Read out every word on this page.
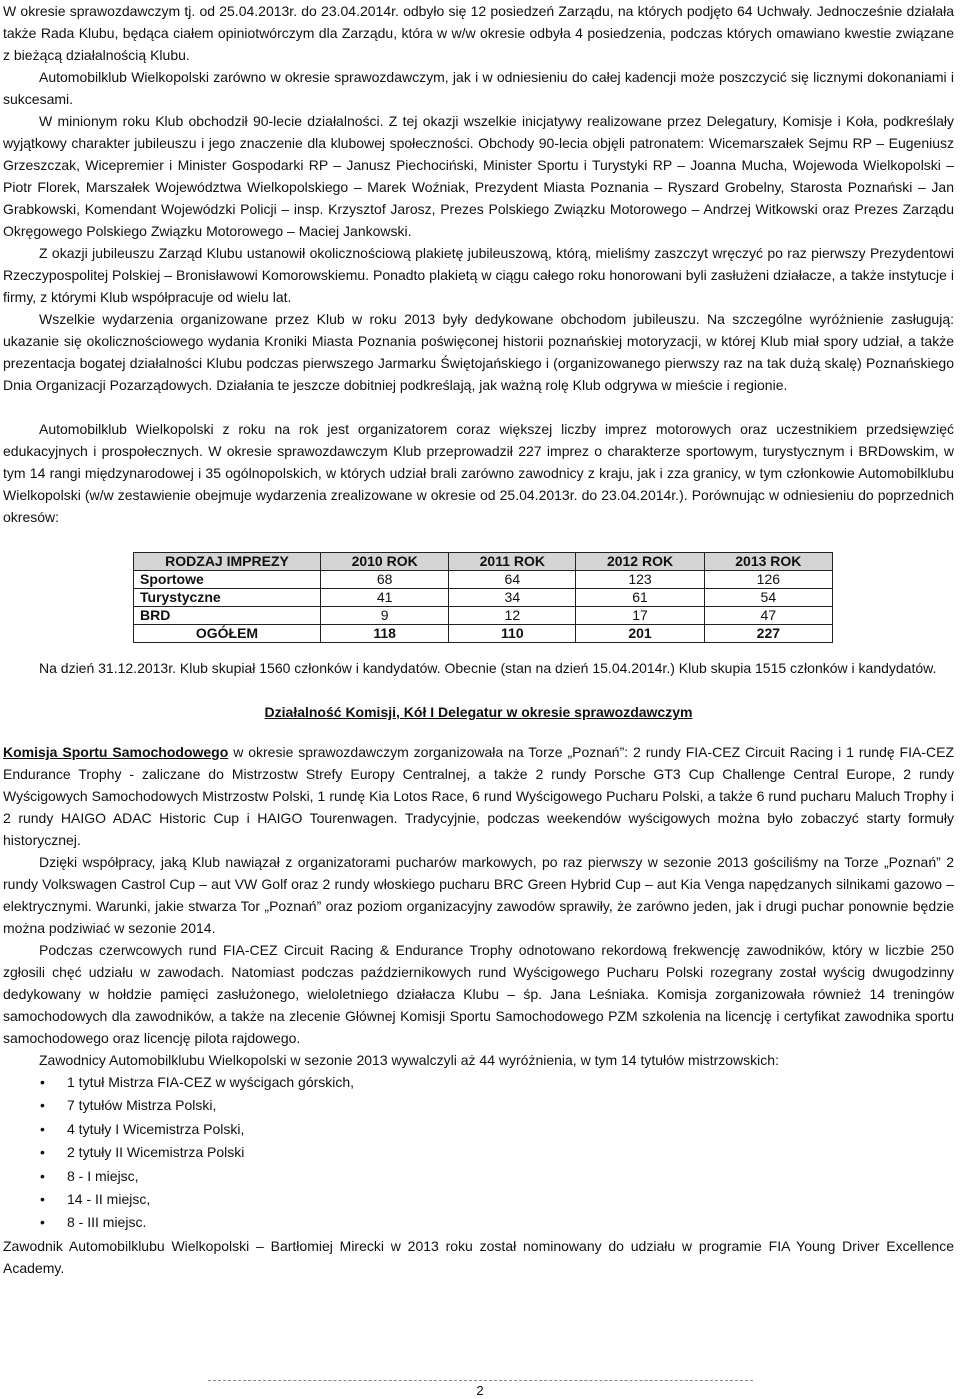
W okresie sprawozdawczym tj. od 25.04.2013r. do 23.04.2014r. odbyło się 12 posiedzeń Zarządu, na których podjęto 64 Uchwały. Jednocześnie działała także Rada Klubu, będąca ciałem opiniotwórczym dla Zarządu, która w w/w okresie odbyła 4 posiedzenia, podczas których omawiano kwestie związane z bieżącą działalnością Klubu.

Automobilklub Wielkopolski zarówno w okresie sprawozdawczym, jak i w odniesieniu do całej kadencji może poszczycić się licznymi dokonaniami i sukcesami.

W minionym roku Klub obchodził 90-lecie działalności. Z tej okazji wszelkie inicjatywy realizowane przez Delegatury, Komisje i Koła, podkreślały wyjątkowy charakter jubileuszu i jego znaczenie dla klubowej społeczności. Obchody 90-lecia objęli patronatem: Wicemarszałek Sejmu RP – Eugeniusz Grzeszczak, Wicepremier i Minister Gospodarki RP – Janusz Piechociński, Minister Sportu i Turystyki RP – Joanna Mucha, Wojewoda Wielkopolski – Piotr Florek, Marszałek Województwa Wielkopolskiego – Marek Woźniak, Prezydent Miasta Poznania – Ryszard Grobelny, Starosta Poznański – Jan Grabkowski, Komendant Wojewódzki Policji – insp. Krzysztof Jarosz, Prezes Polskiego Związku Motorowego – Andrzej Witkowski oraz Prezes Zarządu Okręgowego Polskiego Związku Motorowego – Maciej Jankowski.

Z okazji jubileuszu Zarząd Klubu ustanowił okolicznościową plakietę jubileuszową, którą, mieliśmy zaszczyt wręczyć po raz pierwszy Prezydentowi Rzeczypospolitej Polskiej – Bronisławowi Komorowskiemu. Ponadto plakietą w ciągu całego roku honorowani byli zasłużeni działacze, a także instytucje i firmy, z którymi Klub współpracuje od wielu lat.

Wszelkie wydarzenia organizowane przez Klub w roku 2013 były dedykowane obchodom jubileuszu. Na szczególne wyróżnienie zasługują: ukazanie się okolicznościowego wydania Kroniki Miasta Poznania poświęconej historii poznańskiej motoryzacji, w której Klub miał spory udział, a także prezentacja bogatej działalności Klubu podczas pierwszego Jarmarku Świętojańskiego i (organizowanego pierwszy raz na tak dużą skalę) Poznańskiego Dnia Organizacji Pozarządowych. Działania te jeszcze dobitniej podkreślają, jak ważną rolę Klub odgrywa w mieście i regionie.

Automobilklub Wielkopolski z roku na rok jest organizatorem coraz większej liczby imprez motorowych oraz uczestnikiem przedsięwzięć edukacyjnych i prospołecznych. W okresie sprawozdawczym Klub przeprowadził 227 imprez o charakterze sportowym, turystycznym i BRDowskim, w tym 14 rangi międzynarodowej i 35 ogólnopolskich, w których udział brali zarówno zawodnicy z kraju, jak i zza granicy, w tym członkowie Automobilklubu Wielkopolski (w/w zestawienie obejmuje wydarzenia zrealizowane w okresie od 25.04.2013r. do 23.04.2014r.). Porównując w odniesieniu do poprzednich okresów:

RODZAJ IMPREZY	2010 ROK	2011 ROK	2012 ROK	2013 ROK
Sportowe	68	64	123	126
Turystyczne	41	34	61	54
BRD	9	12	17	47
OGÓŁEM	118	110	201	227

Na dzień 31.12.2013r. Klub skupiał 1560 członków i kandydatów. Obecnie (stan na dzień 15.04.2014r.) Klub skupia 1515 członków i kandydatów.

Działalność Komisji, Kół I Delegatur w okresie sprawozdawczym

Komisja Sportu Samochodowego w okresie sprawozdawczym zorganizowała na Torze „Poznań”: 2 rundy FIA-CEZ Circuit Racing i 1 rundę FIA-CEZ Endurance Trophy - zaliczane do Mistrzostw Strefy Europy Centralnej, a także 2 rundy Porsche GT3 Cup Challenge Central Europe, 2 rundy Wyścigowych Samochodowych Mistrzostw Polski, 1 rundę Kia Lotos Race, 6 rund Wyścigowego Pucharu Polski, a także 6 rund pucharu Maluch Trophy i 2 rundy HAIGO ADAC Historic Cup i HAIGO Tourenwagen. Tradycyjnie, podczas weekendów wyścigowych można było zobaczyć starty formuły historycznej.

Dzięki współpracy, jaką Klub nawiązał z organizatorami pucharów markowych, po raz pierwszy w sezonie 2013 gościliśmy na Torze „Poznań” 2 rundy Volkswagen Castrol Cup – aut VW Golf oraz 2 rundy włoskiego pucharu BRC Green Hybrid Cup – aut Kia Venga napędzanych silnikami gazowo – elektrycznymi. Warunki, jakie stwarza Tor „Poznań” oraz poziom organizacyjny zawodów sprawiły, że zarówno jeden, jak i drugi puchar ponownie będzie można podziwiać w sezonie 2014.

Podczas czerwcowych rund FIA-CEZ Circuit Racing & Endurance Trophy odnotowano rekordową frekwencję zawodników, który w liczbie 250 zgłosili chęć udziału w zawodach. Natomiast podczas październikowych rund Wyścigowego Pucharu Polski rozegrany został wyścig dwugodzinny dedykowany w hołdzie pamięci zasłużonego, wieloletniego działacza Klubu – śp. Jana Leśniaka. Komisja zorganizowała również 14 treningów samochodowych dla zawodników, a także na zlecenie Głównej Komisji Sportu Samochodowego PZM szkolenia na licencję i certyfikat zawodnika sportu samochodowego oraz licencję pilota rajdowego.

Zawodnicy Automobilklubu Wielkopolski w sezonie 2013 wywalczyli aż 44 wyróżnienia, w tym 14 tytułów mistrzowskich:

• 1 tytuł Mistrza FIA-CEZ w wyścigach górskich,
• 7 tytułów Mistrza Polski,
• 4 tytuły I Wicemistrza Polski,
• 2 tytuły II Wicemistrza Polski
• 8 - I miejsc,
• 14 - II miejsc,
• 8 - III miejsc.

Zawodnik Automobilklubu Wielkopolski – Bartłomiej Mirecki w 2013 roku został nominowany do udziału w programie FIA Young Driver Excellence Academy.

2
